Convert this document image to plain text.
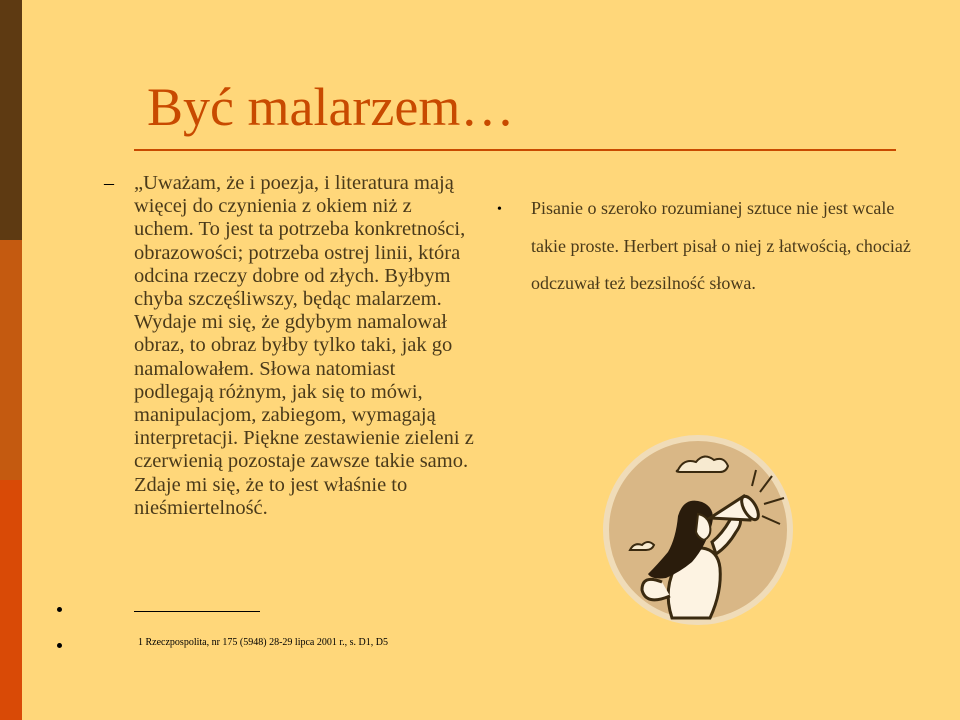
Być malarzem…
– „Uważam, że i poezja, i literatura mają więcej do czynienia z okiem niż z uchem. To jest ta potrzeba konkretności, obrazowości; potrzeba ostrej linii, która odcina rzeczy dobre od złych. Byłbym chyba szczęśliwszy, będąc malarzem. Wydaje mi się, że gdybym namalował obraz, to obraz byłby tylko taki, jak go namalowałem. Słowa natomiast podlegają różnym, jak się to mówi, manipulacjom, zabiegom, wymagają interpretacji. Piękne zestawienie zieleni z czerwienią pozostaje zawsze takie samo. Zdaje mi się, że to jest właśnie to nieśmiertelność.

1 Rzeczpospolita, nr 175 (5948) 28-29 lipca 2001 r., s. D1, D5
• Pisanie o szeroko rozumianej sztuce nie jest wcale takie proste. Herbert pisał o niej z łatwością, chociaż odczuwał też bezsilność słowa.
